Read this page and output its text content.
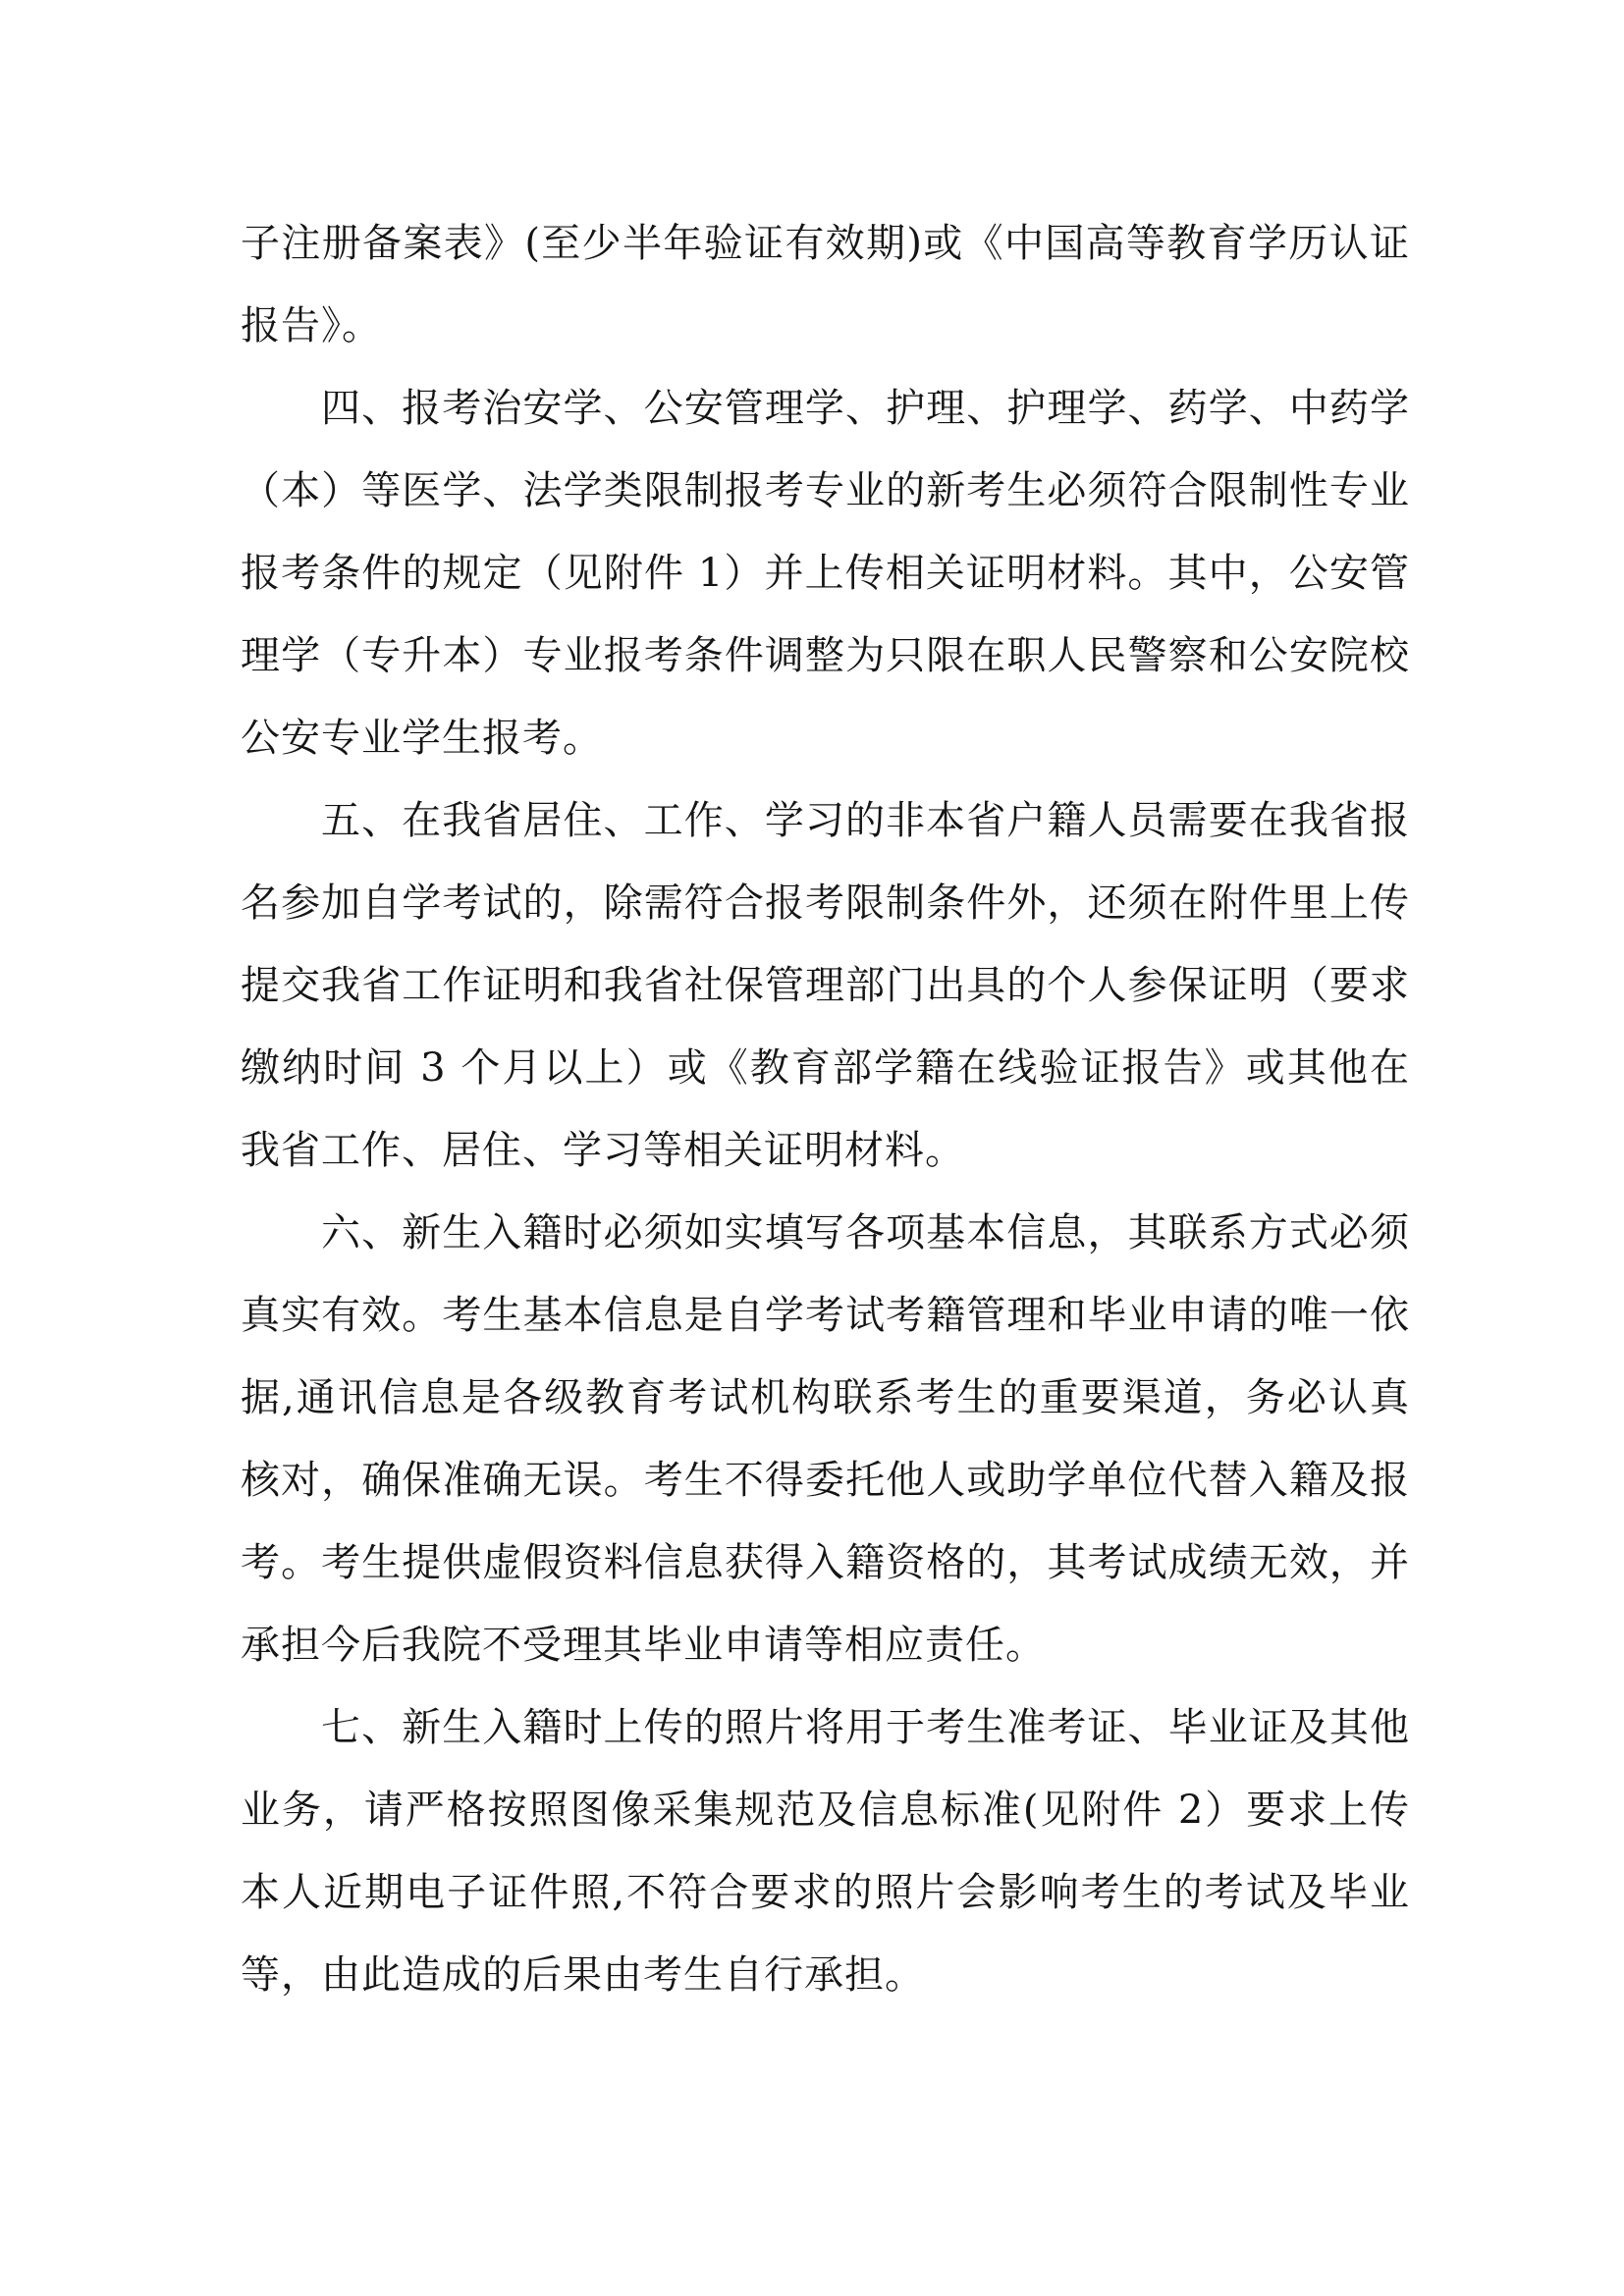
子注册备案表》(至少半年验证有效期)或《中国高等教育学历认证报告》。

四、报考治安学、公安管理学、护理、护理学、药学、中药学（本）等医学、法学类限制报考专业的新考生必须符合限制性专业报考条件的规定（见附件 1）并上传相关证明材料。其中，公安管理学（专升本）专业报考条件调整为只限在职人民警察和公安院校公安专业学生报考。

五、在我省居住、工作、学习的非本省户籍人员需要在我省报名参加自学考试的，除需符合报考限制条件外，还须在附件里上传提交我省工作证明和我省社保管理部门出具的个人参保证明（要求缴纳时间 3 个月以上）或《教育部学籍在线验证报告》或其他在我省工作、居住、学习等相关证明材料。

六、新生入籍时必须如实填写各项基本信息，其联系方式必须真实有效。考生基本信息是自学考试考籍管理和毕业申请的唯一依据,通讯信息是各级教育考试机构联系考生的重要渠道，务必认真核对，确保准确无误。考生不得委托他人或助学单位代替入籍及报考。考生提供虚假资料信息获得入籍资格的，其考试成绩无效，并承担今后我院不受理其毕业申请等相应责任。

七、新生入籍时上传的照片将用于考生准考证、毕业证及其他业务，请严格按照图像采集规范及信息标准(见附件 2）要求上传本人近期电子证件照,不符合要求的照片会影响考生的考试及毕业等，由此造成的后果由考生自行承担。
